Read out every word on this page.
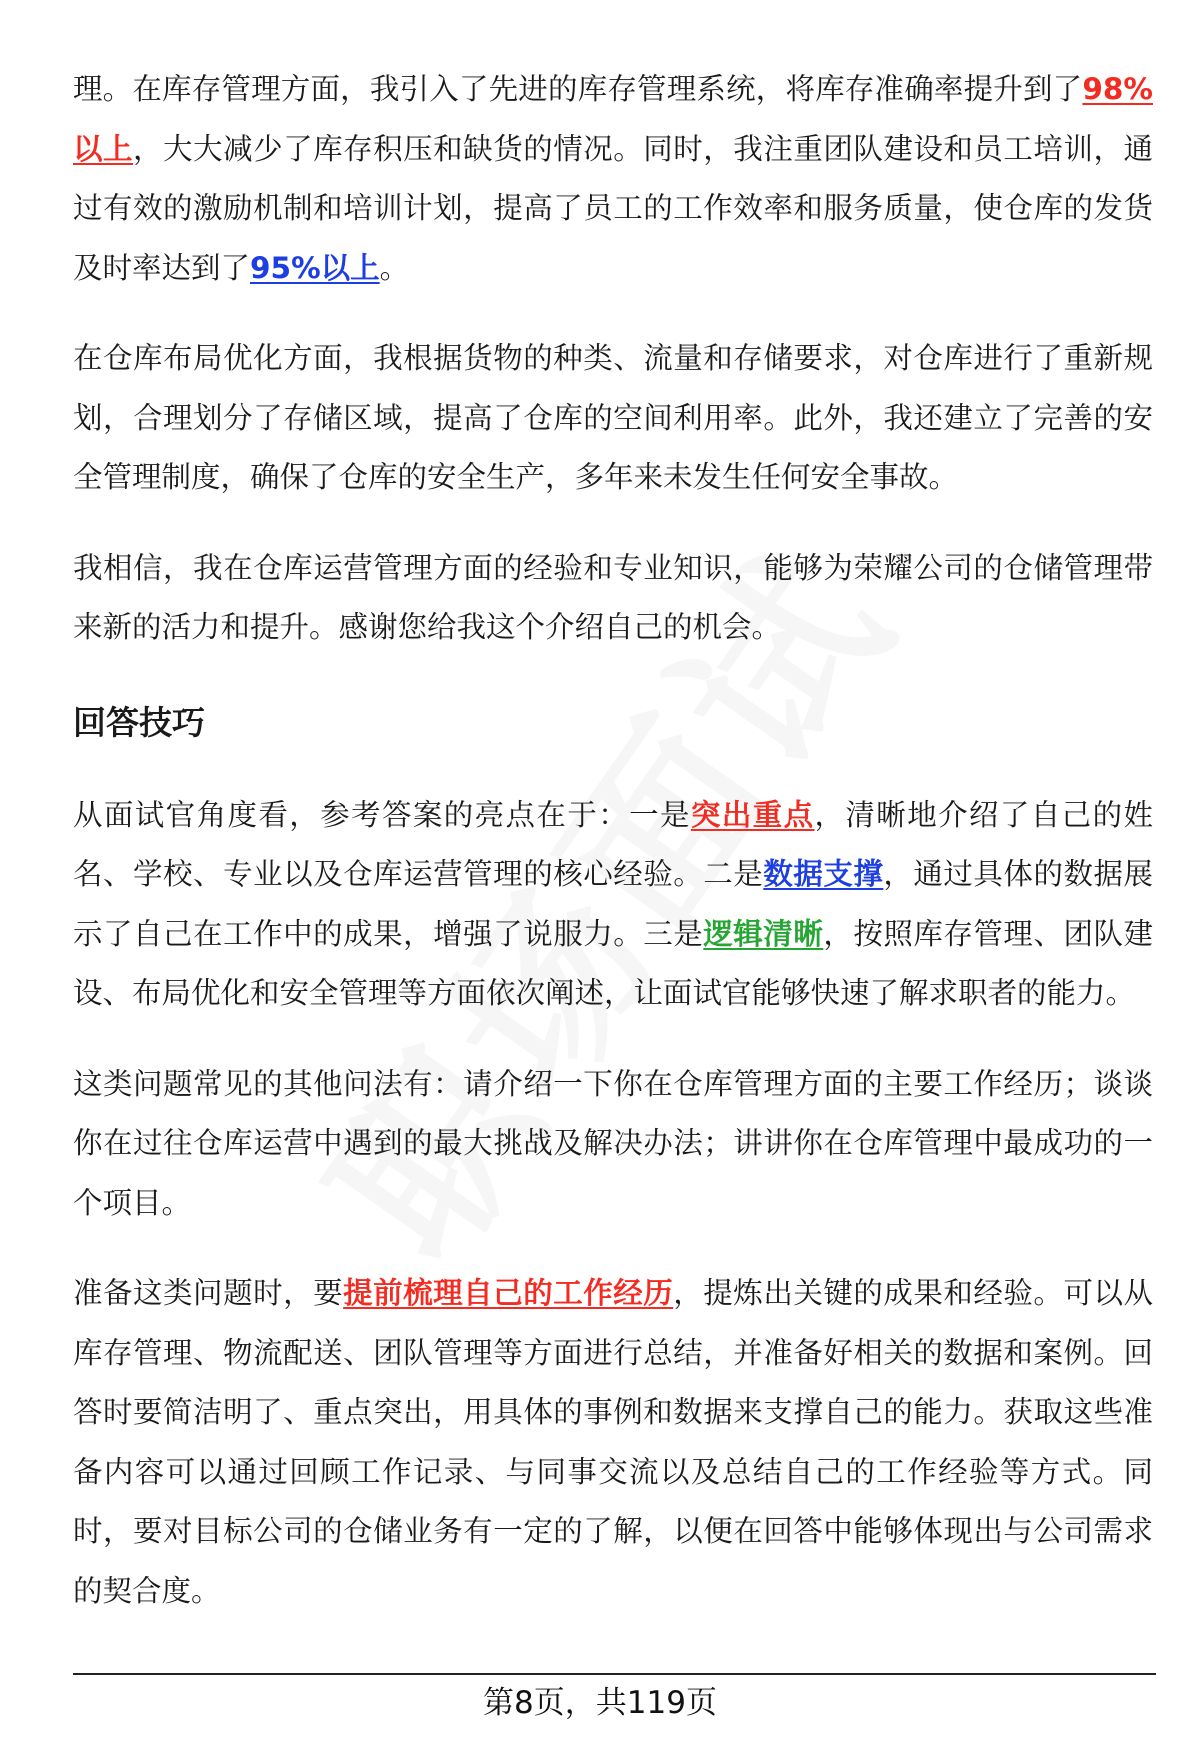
理。在库存管理方面，我引入了先进的库存管理系统，将库存准确率提升到了98%以上，大大减少了库存积压和缺货的情况。同时，我注重团队建设和员工培训，通过有效的激励机制和培训计划，提高了员工的工作效率和服务质量，使仓库的发货及时率达到了95%以上。

在仓库布局优化方面，我根据货物的种类、流量和存储要求，对仓库进行了重新规划，合理划分了存储区域，提高了仓库的空间利用率。此外，我还建立了完善的安全管理制度，确保了仓库的安全生产，多年来未发生任何安全事故。

我相信，我在仓库运营管理方面的经验和专业知识，能够为荣耀公司的仓储管理带来新的活力和提升。感谢您给我这个介绍自己的机会。

回答技巧

从面试官角度看，参考答案的亮点在于：一是突出重点，清晰地介绍了自己的姓名、学校、专业以及仓库运营管理的核心经验。二是数据支撑，通过具体的数据展示了自己在工作中的成果，增强了说服力。三是逻辑清晰，按照库存管理、团队建设、布局优化和安全管理等方面依次阐述，让面试官能够快速了解求职者的能力。

这类问题常见的其他问法有：请介绍一下你在仓库管理方面的主要工作经历；谈谈你在过往仓库运营中遇到的最大挑战及解决办法；讲讲你在仓库管理中最成功的一个项目。

准备这类问题时，要提前梳理自己的工作经历，提炼出关键的成果和经验。可以从库存管理、物流配送、团队管理等方面进行总结，并准备好相关的数据和案例。回答时要简洁明了、重点突出，用具体的事例和数据来支撑自己的能力。获取这些准备内容可以通过回顾工作记录、与同事交流以及总结自己的工作经验等方式。同时，要对目标公司的仓储业务有一定的了解，以便在回答中能够体现出与公司需求的契合度。

第8页，共119页
